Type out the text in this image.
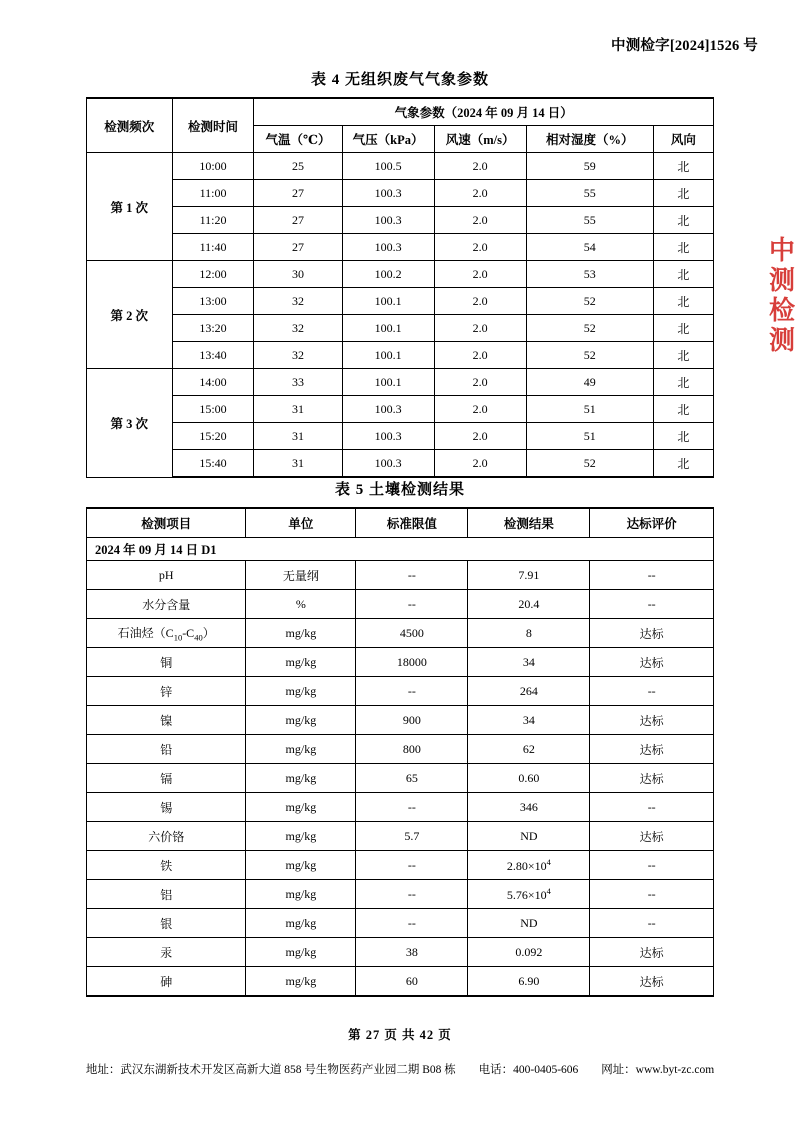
中测检字[2024]1526 号
中测检测
表 4 无组织废气气象参数
检测频次	检测时间	气象参数（2024 年 09 月 14 日）				
		气温（℃）	气压（kPa）	风速（m/s）	相对湿度（%）	风向
第 1 次	10:00	25	100.5	2.0	59	北
	11:00	27	100.3	2.0	55	北
	11:20	27	100.3	2.0	55	北
	11:40	27	100.3	2.0	54	北
第 2 次	12:00	30	100.2	2.0	53	北
	13:00	32	100.1	2.0	52	北
	13:20	32	100.1	2.0	52	北
	13:40	32	100.1	2.0	52	北
第 3 次	14:00	33	100.1	2.0	49	北
	15:00	31	100.3	2.0	51	北
	15:20	31	100.3	2.0	51	北
	15:40	31	100.3	2.0	52	北
表 5 土壤检测结果
检测项目	单位	标准限值	检测结果	达标评价
2024 年 09 月 14 日 D1				
pH	无量纲	--	7.91	--
水分含量	%	--	20.4	--
石油烃$(C_{10}-C_{40})$	mg/kg	4500	8	达标
铜	mg/kg	18000	34	达标
锌	mg/kg	--	264	--
镍	mg/kg	900	34	达标
铅	mg/kg	800	62	达标
镉	mg/kg	65	0.60	达标
锡	mg/kg	--	346	--
六价铬	mg/kg	5.7	ND	达标
铁	mg/kg	--	$2.80\times 10^4$	--
铝	mg/kg	--	$5.76\times 10^4$	--
银	mg/kg	--	ND	--
汞	mg/kg	38	0.092	达标
砷	mg/kg	60	6.90	达标
第 27 页 共 42 页
地址：武汉东湖新技术开发区高新大道 858 号生物医药产业园二期 B08 栋 电话：400-0405-606 网址：www.byt-zc.com
